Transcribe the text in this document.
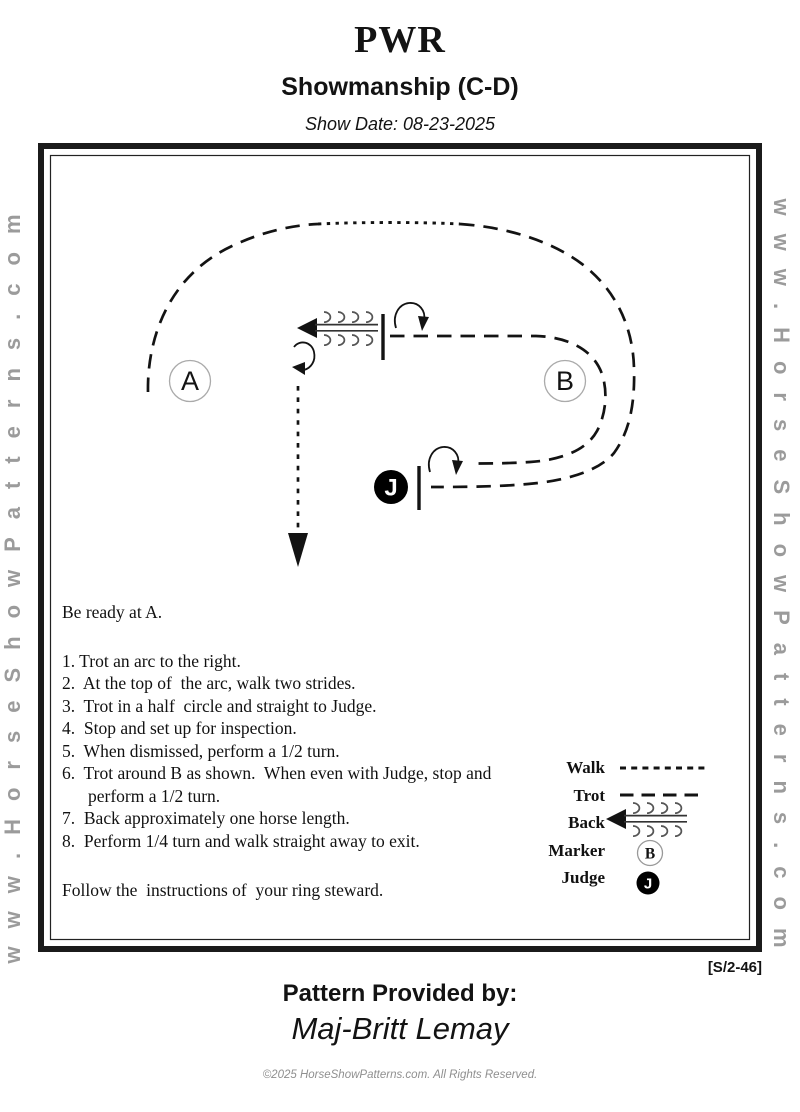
PWR
Showmanship (C-D)
Show Date: 08-23-2025
www.HorseShowPatterns.com	www.HorseShowPatterns.com
A	B
J
B
J
Be ready at A.
1. Trot an arc to the right.
2.  At the top of  the arc, walk two strides.
3.  Trot in a half  circle and straight to Judge.
4.  Stop and set up for inspection.
5.  When dismissed, perform a 1/2 turn.
6.  Trot around B as shown.  When even with Judge, stop and perform a 1/2 turn.
7.  Back approximately one horse length.
8.  Perform 1/4 turn and walk straight away to exit.
Follow the  instructions of  your ring steward.
Walk
Trot
Back
Marker
Judge
[S/2-46]
Pattern Provided by:
Maj-Britt Lemay
©2025 HorseShowPatterns.com. All Rights Reserved.
